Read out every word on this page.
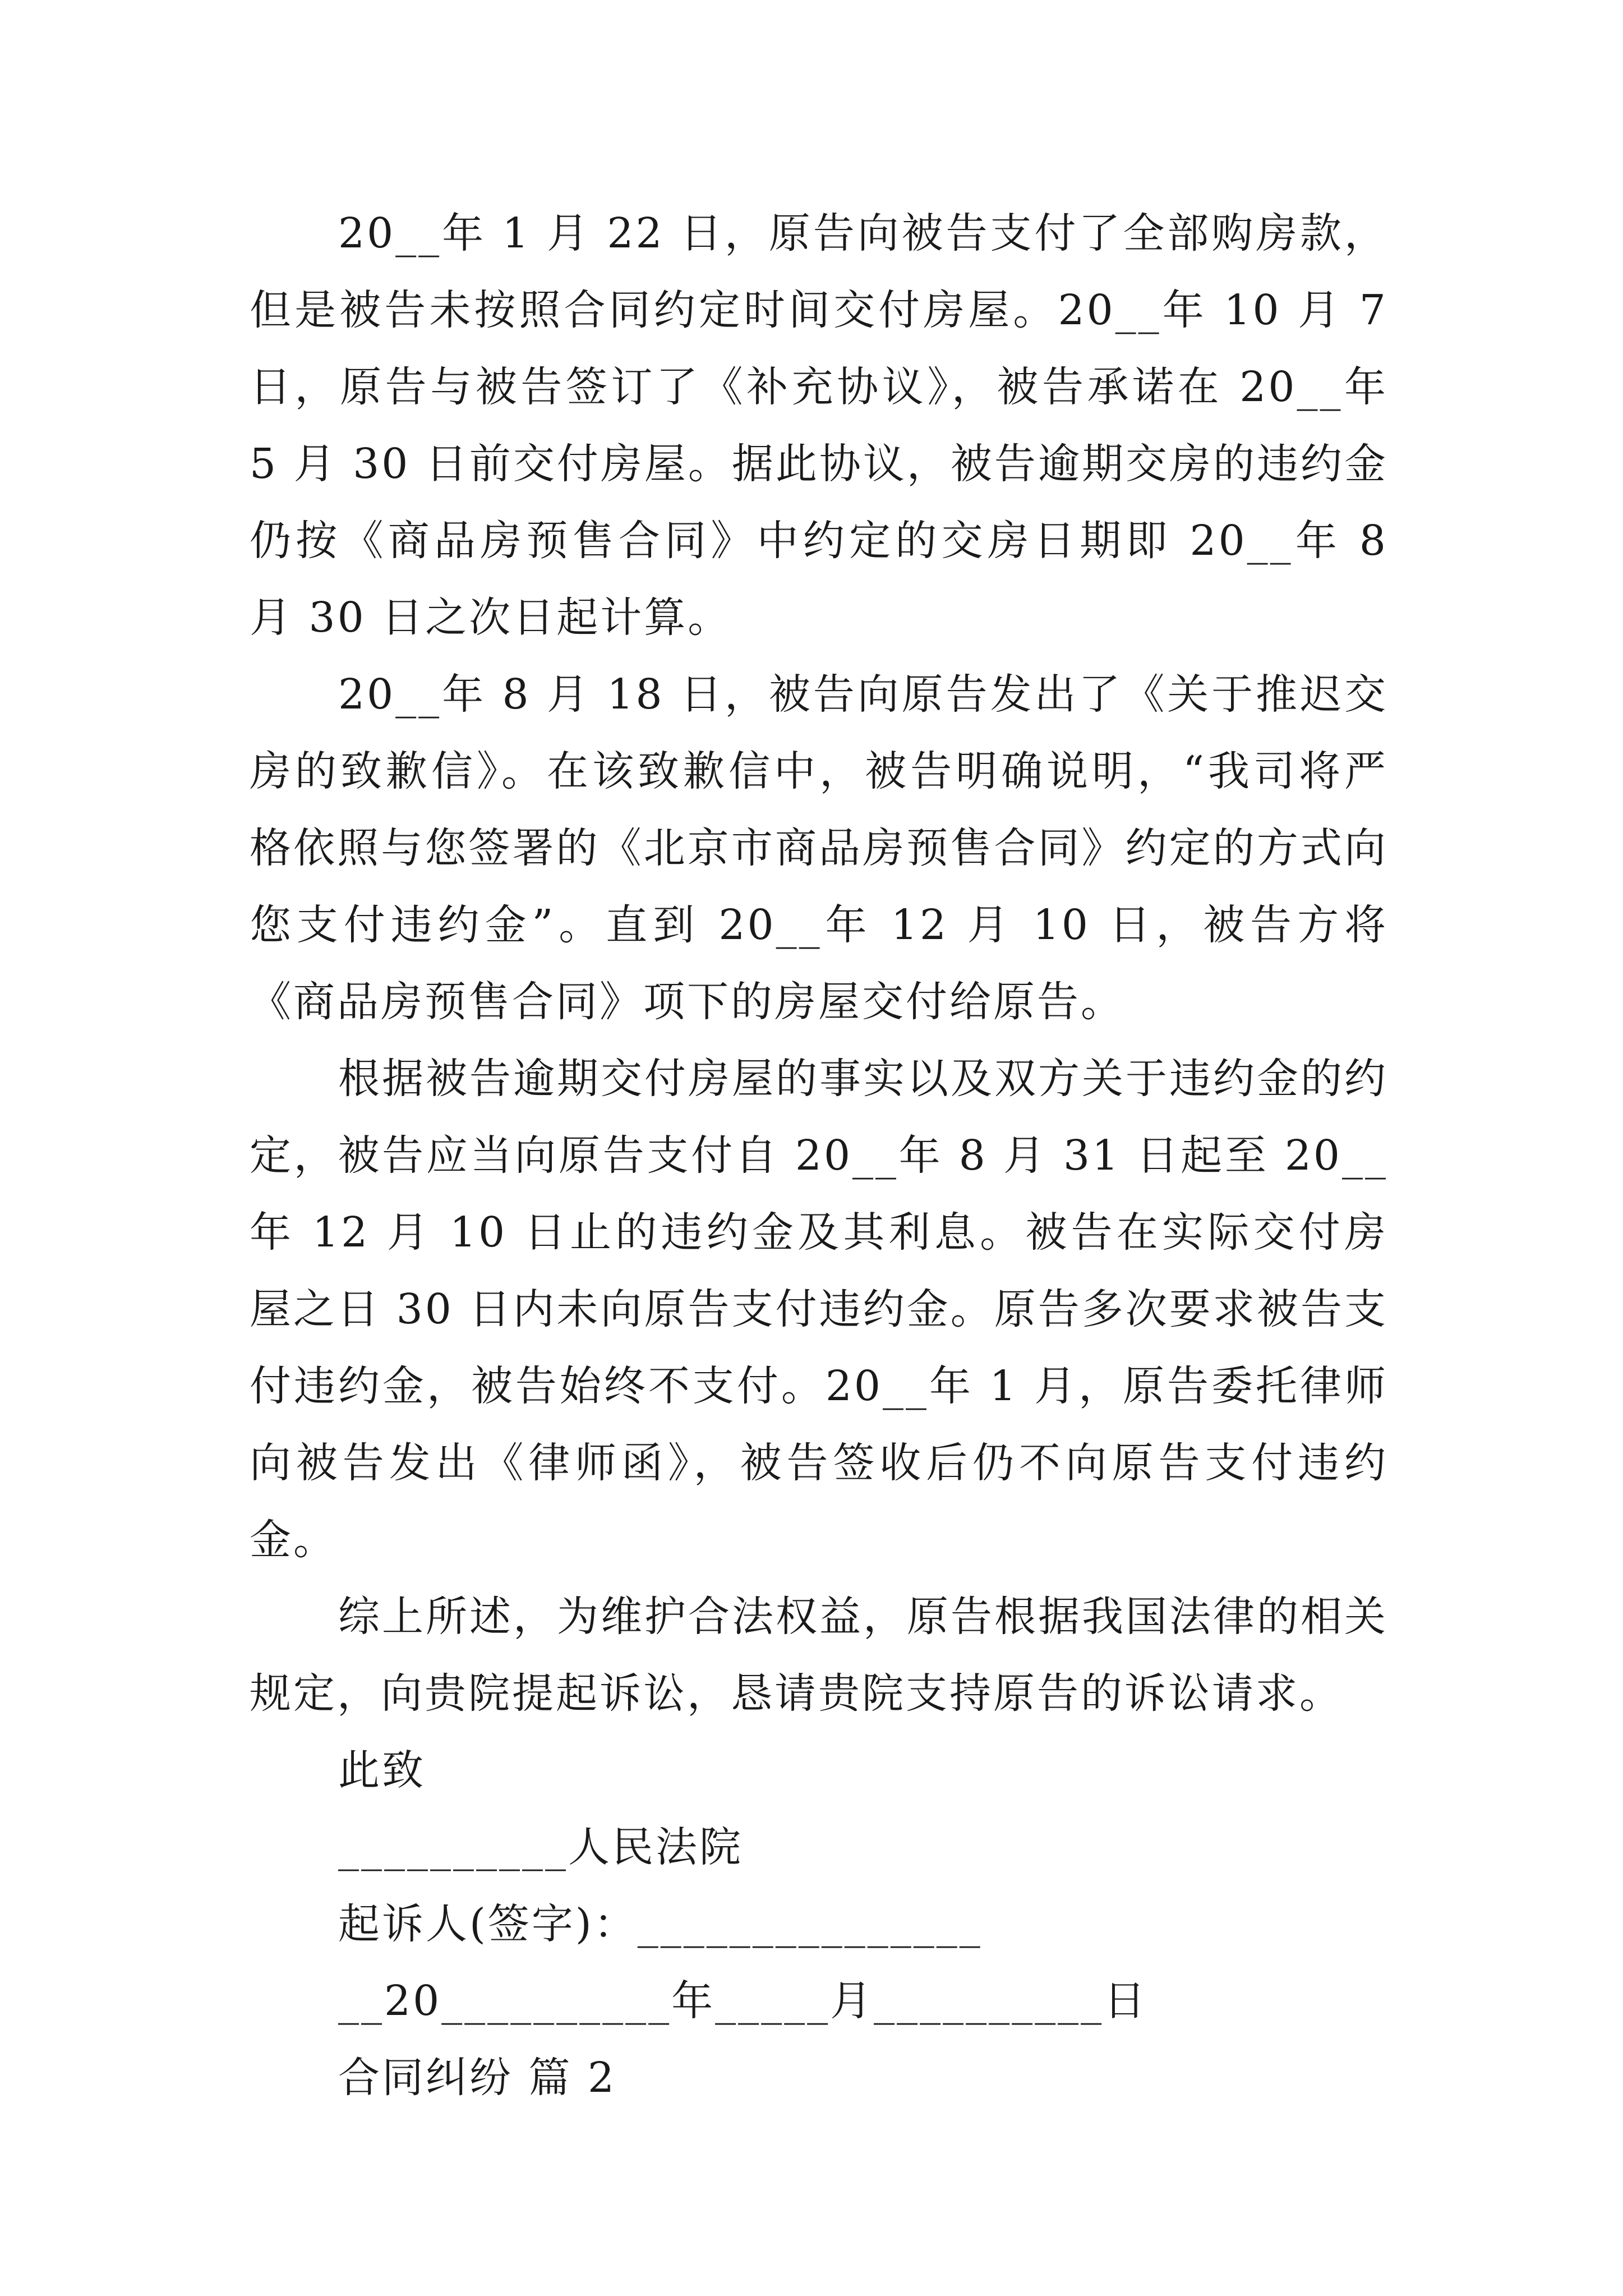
20__年 1 月 22 日，原告向被告支付了全部购房款，但是被告未按照合同约定时间交付房屋。20__年 10 月 7 日，原告与被告签订了《补充协议》，被告承诺在 20__年 5 月 30 日前交付房屋。据此协议，被告逾期交房的违约金仍按《商品房预售合同》中约定的交房日期即 20__年 8 月 30 日之次日起计算。

20__年 8 月 18 日，被告向原告发出了《关于推迟交房的致歉信》。在该致歉信中，被告明确说明，“我司将严格依照与您签署的《北京市商品房预售合同》约定的方式向您支付违约金”。直到 20__年 12 月 10 日，被告方将《商品房预售合同》项下的房屋交付给原告。

根据被告逾期交付房屋的事实以及双方关于违约金的约定，被告应当向原告支付自 20__年 8 月 31 日起至 20__年 12 月 10 日止的违约金及其利息。被告在实际交付房屋之日 30 日内未向原告支付违约金。原告多次要求被告支付违约金，被告始终不支付。20__年 1 月，原告委托律师向被告发出《律师函》，被告签收后仍不向原告支付违约金。

综上所述，为维护合法权益，原告根据我国法律的相关规定，向贵院提起诉讼，恳请贵院支持原告的诉讼请求。

此致

__________人民法院

起诉人(签字)：_______________

__20__________年_____月__________日

合同纠纷 篇 2
